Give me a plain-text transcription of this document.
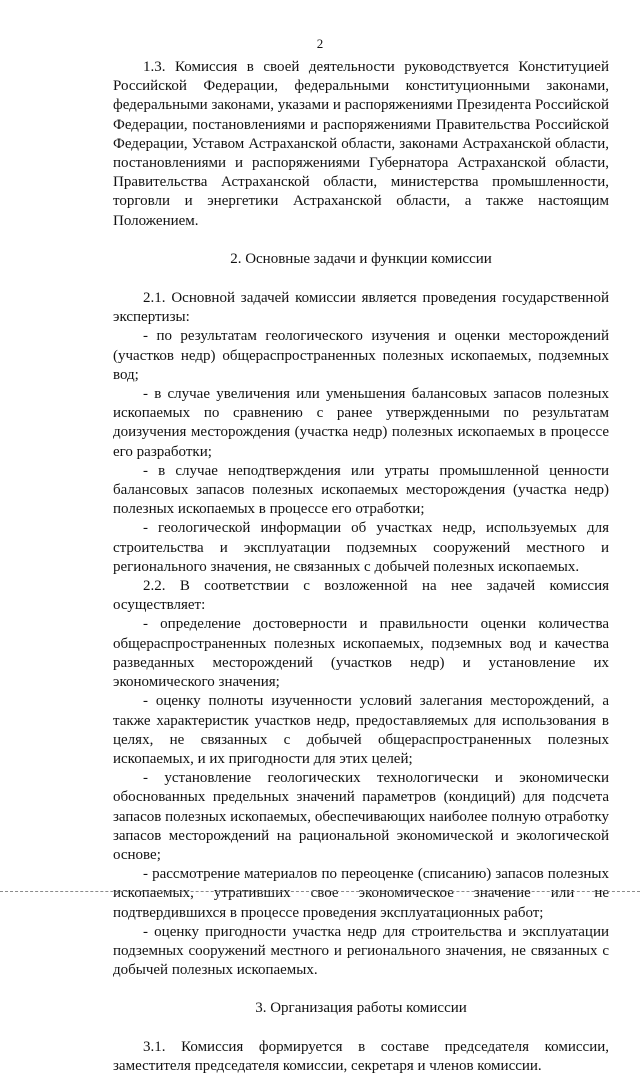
2

1.3. Комиссия в своей деятельности руководствуется Конституцией Российской Федерации, федеральными конституционными законами, федеральными законами, указами и распоряжениями Президента Российской Федерации, постановлениями и распоряжениями Правительства Российской Федерации, Уставом Астраханской области, законами Астраханской области, постановлениями и распоряжениями Губернатора Астраханской области, Правительства Астраханской области, министерства промышленности, торговли и энергетики Астраханской области, а также настоящим Положением.

2. Основные задачи и функции комиссии

2.1. Основной задачей комиссии является проведения государственной экспертизы:

- по результатам геологического изучения и оценки месторождений (участков недр) общераспространенных полезных ископаемых, подземных вод;

- в случае увеличения или уменьшения балансовых запасов полезных ископаемых по сравнению с ранее утвержденными по результатам доизучения месторождения (участка недр) полезных ископаемых в процессе его разработки;

- в случае неподтверждения или утраты промышленной ценности балансовых запасов полезных ископаемых месторождения (участка недр) полезных ископаемых в процессе его отработки;

- геологической информации об участках недр, используемых для строительства и эксплуатации подземных сооружений местного и регионального значения, не связанных с добычей полезных ископаемых.

2.2. В соответствии с возложенной на нее задачей комиссия осуществляет:

- определение достоверности и правильности оценки количества общераспространенных полезных ископаемых, подземных вод и качества разведанных месторождений (участков недр) и установление их экономического значения;

- оценку полноты изученности условий залегания месторождений, а также характеристик участков недр, предоставляемых для использования в целях, не связанных с добычей общераспространенных полезных ископаемых, и их пригодности для этих целей;

- установление геологических технологически и экономически обоснованных предельных значений параметров (кондиций) для подсчета запасов полезных ископаемых, обеспечивающих наиболее полную отработку запасов месторождений на рациональной экономической и экологической основе;

- рассмотрение материалов по переоценке (списанию) запасов полезных ископаемых, утративших свое экономическое значение или не подтвердившихся в процессе проведения эксплуатационных работ;

- оценку пригодности участка недр для строительства и эксплуатации подземных сооружений местного и регионального значения, не связанных с добычей полезных ископаемых.

3. Организация работы комиссии

3.1. Комиссия формируется в составе председателя комиссии, заместителя председателя комиссии, секретаря и членов комиссии.
